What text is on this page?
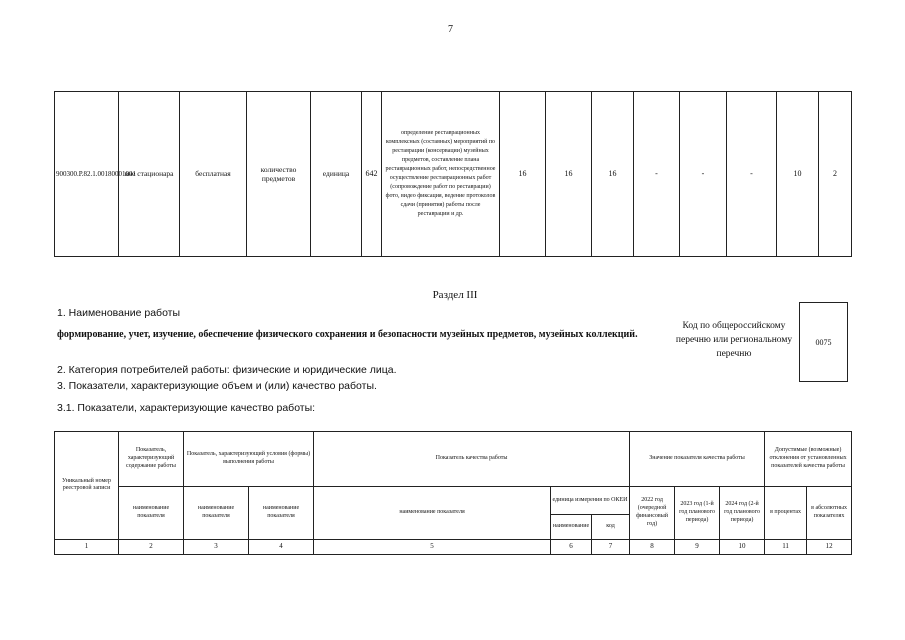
7
900300.Р.82.1.00180001001	вне стационара	бесплатная	количество предметов	единица	642	определение реставрационных комплексных (составных) мероприятий по реставрации (консервации) музейных предметов, составление плана реставрационных работ, непосредственное осуществление реставрационных работ (сопровождение работ по реставрации) фото, видео фиксация, ведение протоколов сдачи (принятия) работы после реставрации и др.	16	16	16	-	-	-	10	2
Раздел III
1. Наименование работы
формирование, учет, изучение, обеспечение физического сохранения и безопасности музейных предметов, музейных коллекций.
Код по общероссийскому перечню или региональному перечню
0075
2. Категория потребителей работы: физические и юридические лица.
3. Показатели, характеризующие объем и (или) качество работы.
3.1. Показатели, характеризующие качество работы:
Уникальный номер реестровой записи	Показатель, характеризующий содержание работы	Показатель, характеризующий условия (формы) выполнения работы		Показатель качества работы			Значение показателя качества работы			Допустимые (возможные) отклонения от установленных показателей качества работы	
	наименование показателя	наименование показателя	наименование показателя	наименование показателя	единица измерения по ОКЕИ		2022 год (очередной финансовый год)	2023 год (1-й год планового периода)	2024 год (2-й год планового периода)	в процентах	в абсолютных показателях
					наименование	код					
1	2	3	4	5	6	7	8	9	10	11	12
